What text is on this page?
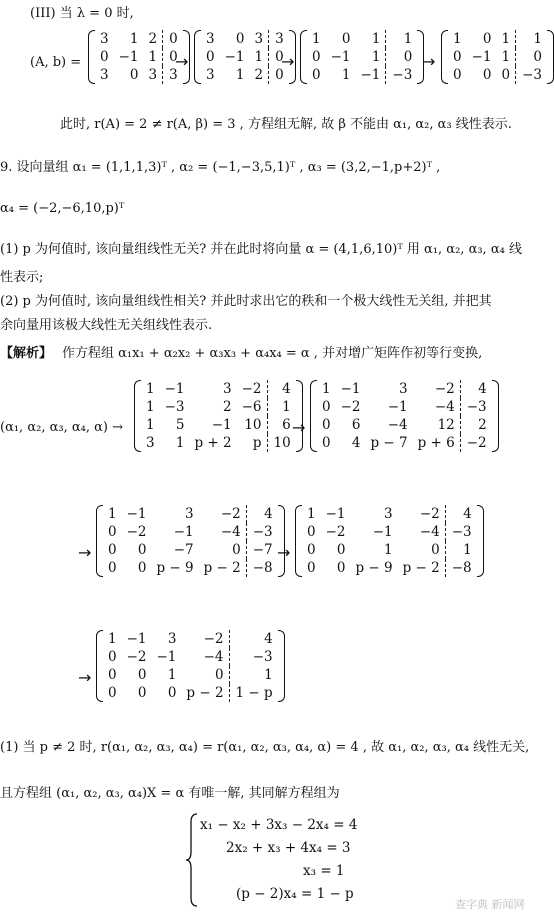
(III) 当 λ = 0 时,
(A, b) =
3	1	2	0
0	−1	1	0
3	0	3	3
→
3	0	3	3
0	−1	1	0
3	1	2	0
→
1	0	1	1
0	−1	1	0
0	1	−1	−3
→
1	0	1	1
0	−1	1	0
0	0	0	−3
此时, r(A) = 2 ≠ r(A, β) = 3 , 方程组无解, 故 β 不能由 α₁, α₂, α₃ 线性表示.
9. 设向量组 α₁ = (1,1,1,3)ᵀ , α₂ = (−1,−3,5,1)ᵀ , α₃ = (3,2,−1,p+2)ᵀ ,
α₄ = (−2,−6,10,p)ᵀ
(1) p 为何值时, 该向量组线性无关? 并在此时将向量 α = (4,1,6,10)ᵀ 用 α₁, α₂, α₃, α₄ 线
性表示;
(2) p 为何值时, 该向量组线性相关? 并此时求出它的秩和一个极大线性无关组, 并把其
余向量用该极大线性无关组线性表示.
【解析】 作方程组 α₁x₁ + α₂x₂ + α₃x₃ + α₄x₄ = α , 并对增广矩阵作初等行变换,
(α₁, α₂, α₃, α₄, α) →
1	−1	3	−2	4
1	−3	2	−6	1
1	5	−1	10	6
3	1	p + 2	p	10
→
1	−1	3	−2	4
0	−2	−1	−4	−3
0	6	−4	12	2
0	4	p − 7	p + 6	−2
→
1	−1	3	−2	4
0	−2	−1	−4	−3
0	0	−7	0	−7
0	0	p − 9	p − 2	−8
→
1	−1	3	−2	4
0	−2	−1	−4	−3
0	0	1	0	1
0	0	p − 9	p − 2	−8
→
1	−1	3	−2	4
0	−2	−1	−4	−3
0	0	1	0	1
0	0	0	p − 2	1 − p
(1) 当 p ≠ 2 时, r(α₁, α₂, α₃, α₄) = r(α₁, α₂, α₃, α₄, α) = 4 , 故 α₁, α₂, α₃, α₄ 线性无关,
且方程组 (α₁, α₂, α₃, α₄)X = α 有唯一解, 其同解方程组为
x₁ − x₂ + 3x₃ − 2x₄ = 4
2x₂ + x₃ + 4x₄ = 3
x₃ = 1
(p − 2)x₄ = 1 − p
查字典 新闻网
